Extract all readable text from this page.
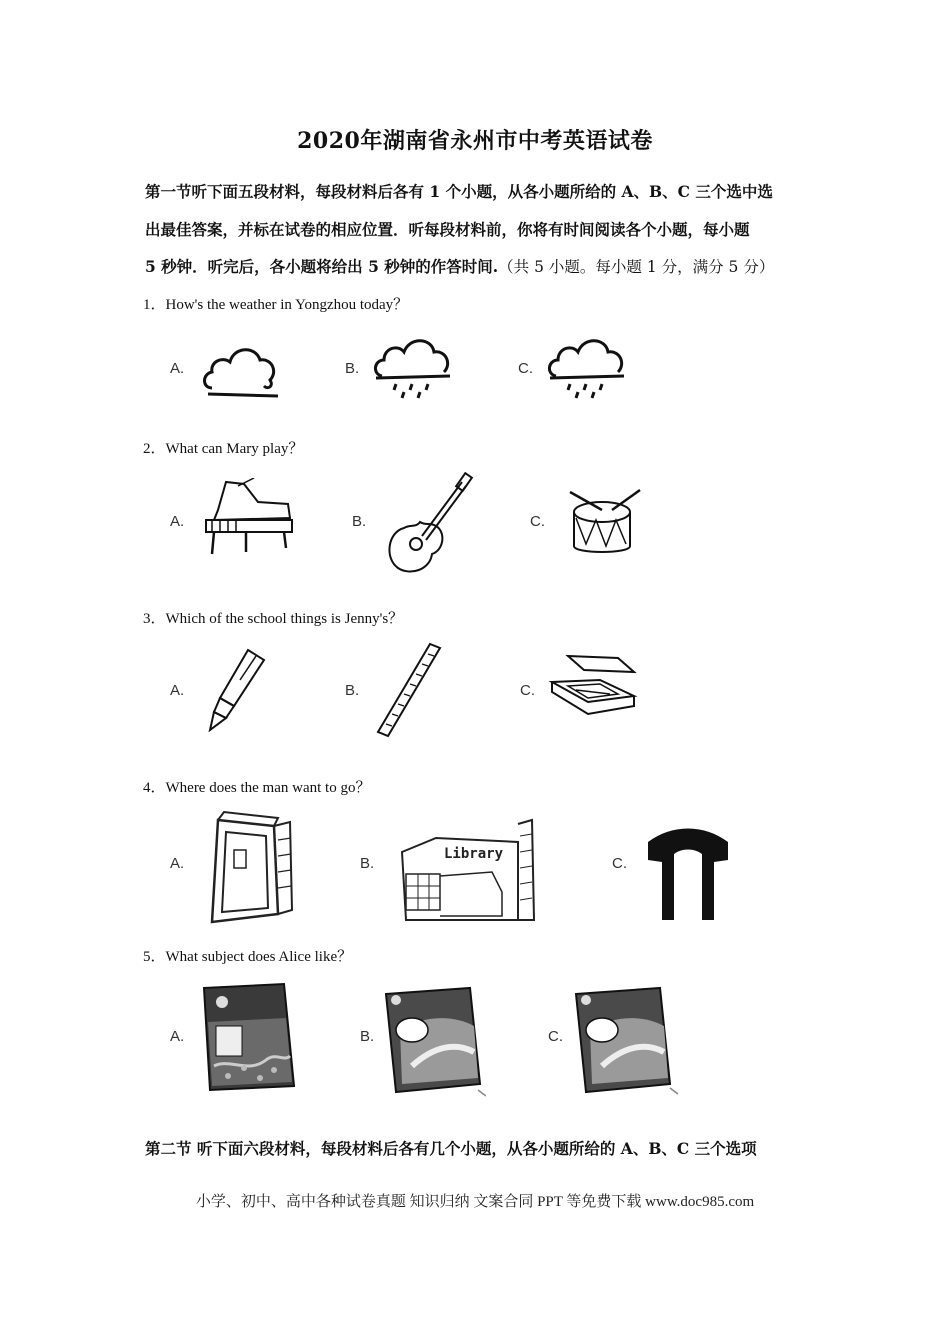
2020年湖南省永州市中考英语试卷
第一节听下面五段材料，每段材料后各有 1 个小题，从各小题所给的 A、B、C 三个选中选
出最佳答案，并标在试卷的相应位置．听每段材料前，你将有时间阅读各个小题，每小题
5 秒钟．听完后，各小题将给出 5 秒钟的作答时间.（共 5 小题。每小题 1 分，满分 5 分）
1．How's the weather in Yongzhou today？
A.	B.	C.
2．What can Mary play？
A.	B.	C.
3．Which of the school things is Jenny's？
A.	B.	C.
4．Where does the man want to go？
A.	B.	C.
Library
5．What subject does Alice like？
A.	B.	C.
第二节 听下面六段材料，每段材料后各有几个小题，从各小题所给的 A、B、C 三个选项
小学、初中、高中各种试卷真题 知识归纳 文案合同 PPT 等免费下载 www.doc985.com
